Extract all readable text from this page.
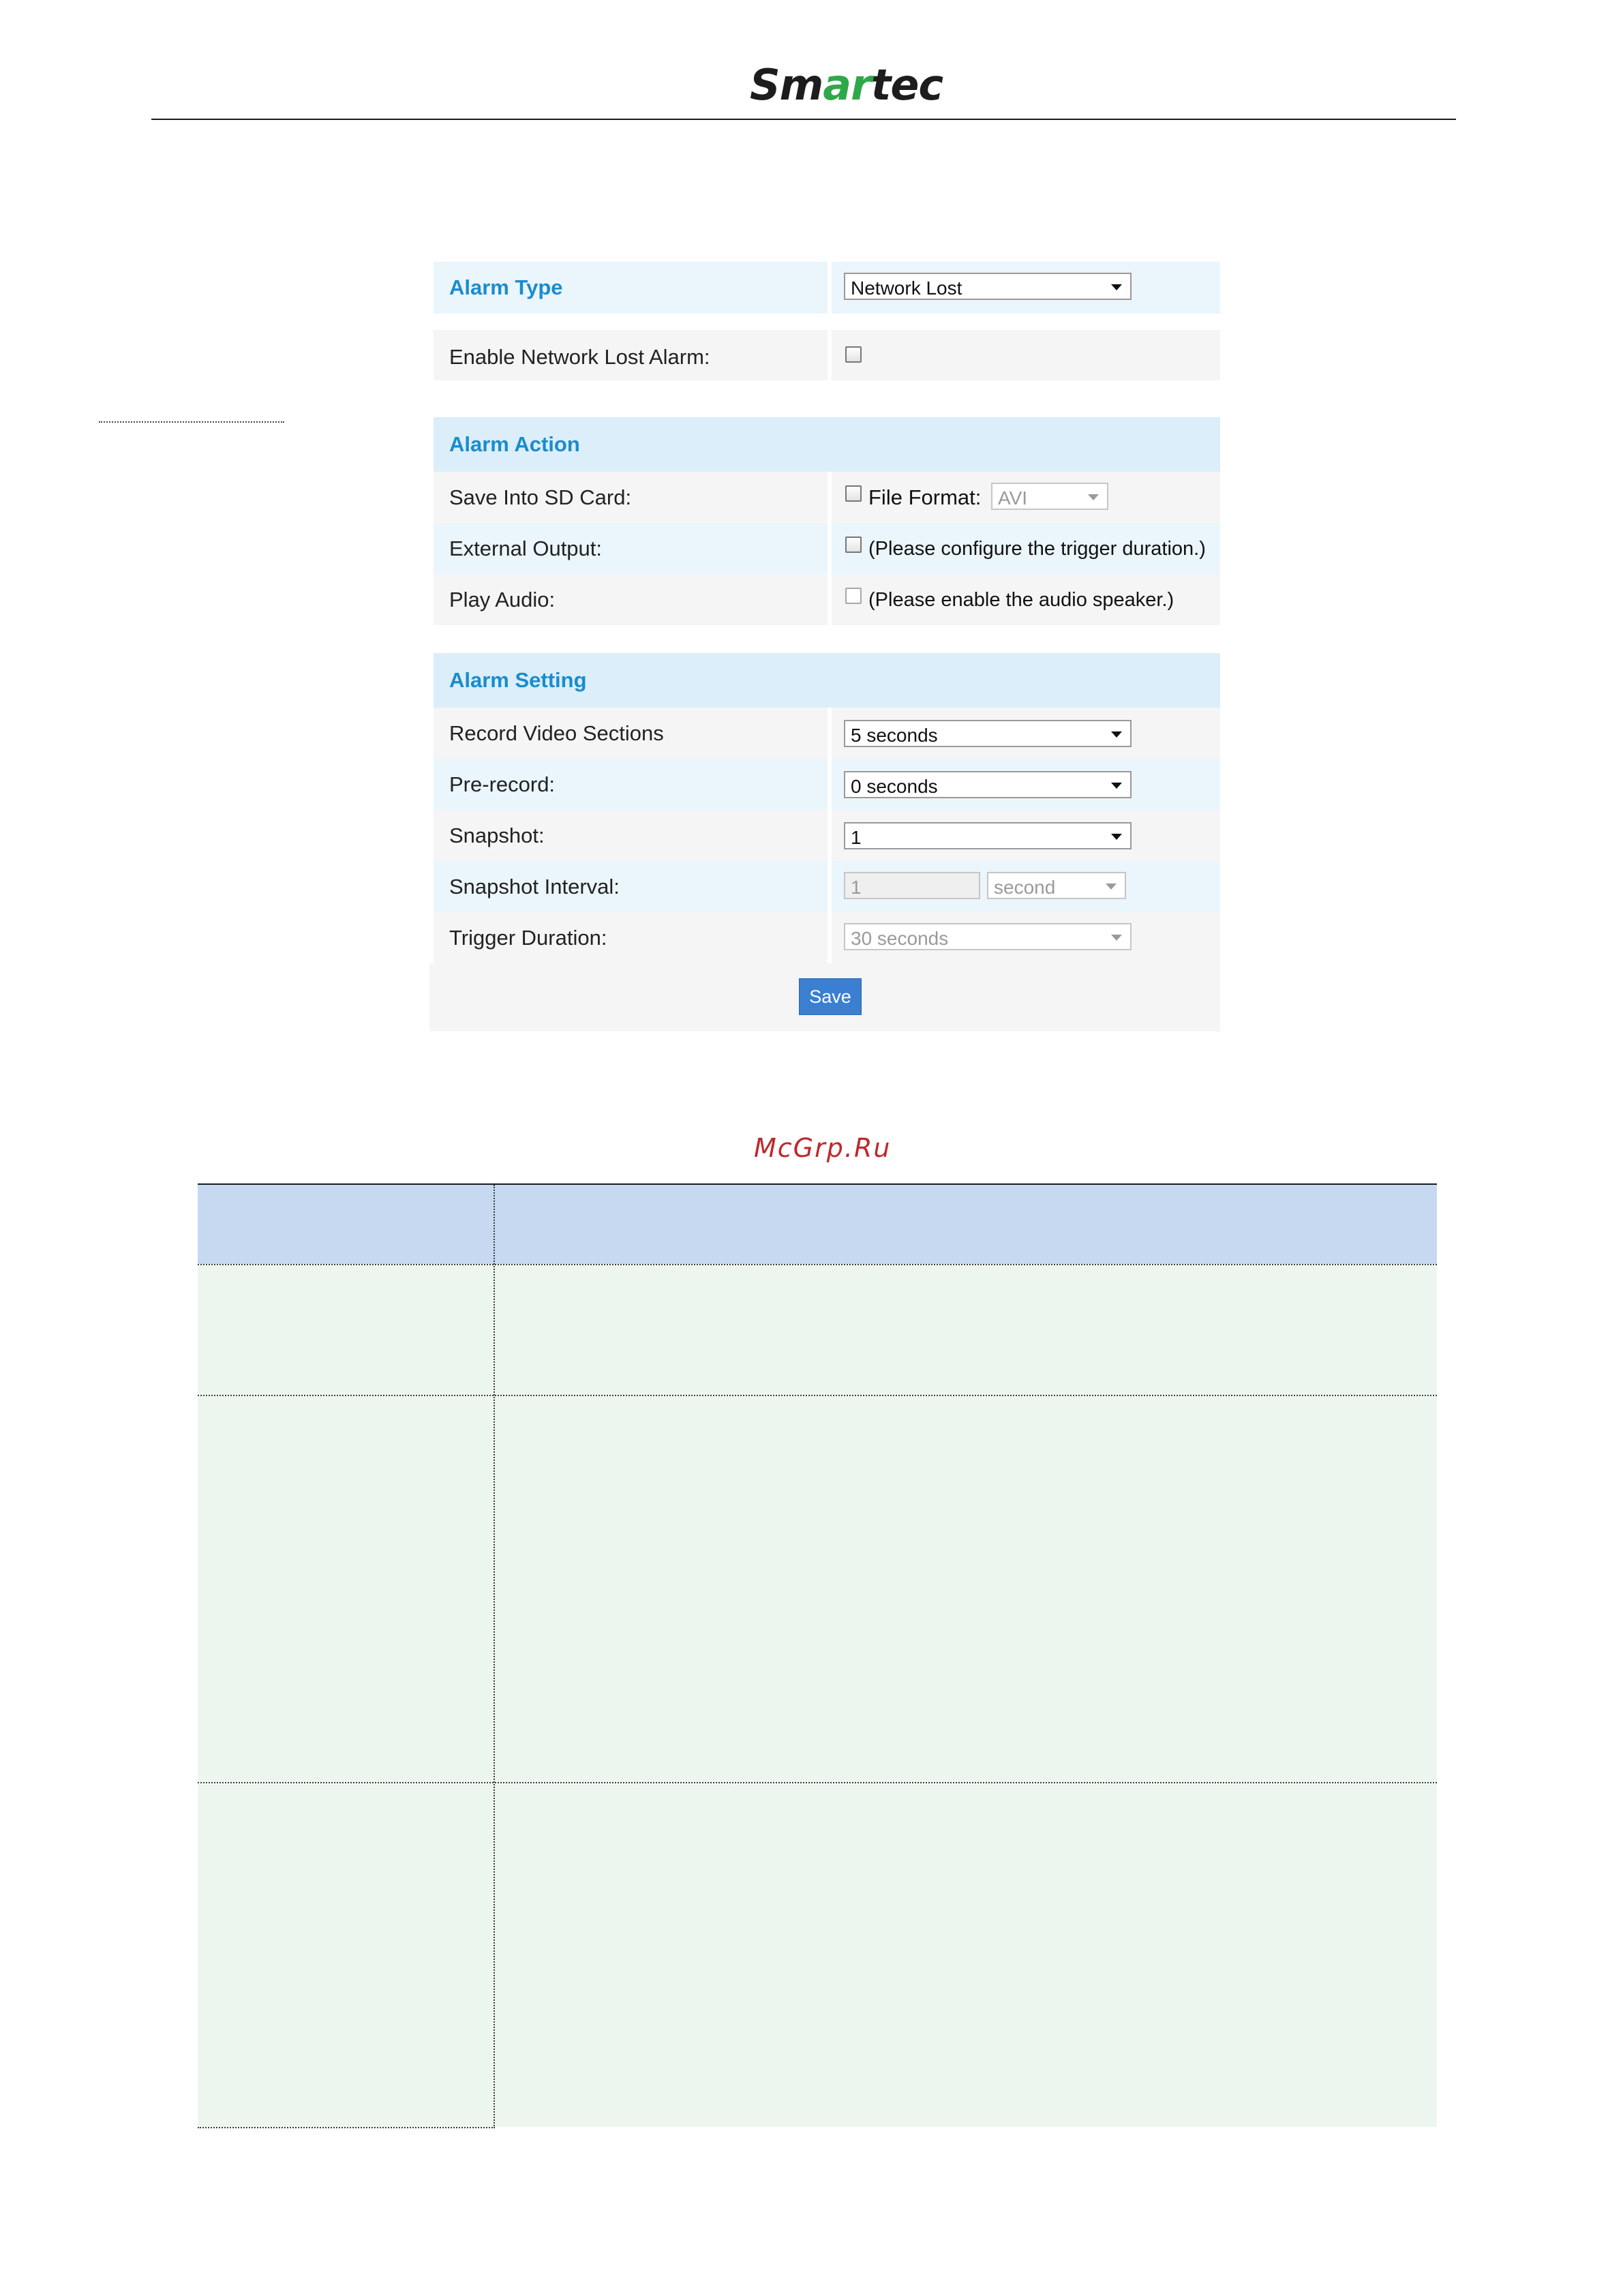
Smartec
Alarm Type	Network Lost
Enable Network Lost Alarm:
Alarm Action
Save Into SD Card:	File Format: AVI
External Output:	(Please configure the trigger duration.)
Play Audio:	(Please enable the audio speaker.)
Alarm Setting
Record Video Sections	5 seconds
Pre-record:	0 seconds
Snapshot:	1
Snapshot Interval:	1	second
Trigger Duration:	30 seconds
Save
McGrp.Ru
